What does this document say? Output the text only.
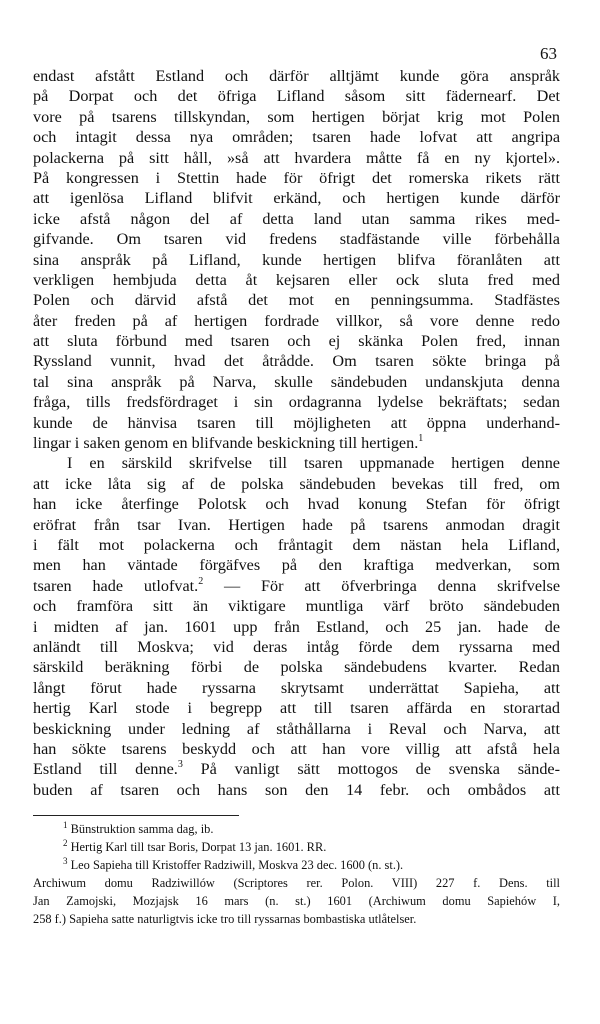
63
endast afstått Estland och därför alltjämt kunde göra anspråk
på Dorpat och det öfriga Lifland såsom sitt fädernearf. Det
vore på tsarens tillskyndan, som hertigen börjat krig mot Polen
och intagit dessa nya områden; tsaren hade lofvat att angripa
polackerna på sitt håll, »så att hvardera måtte få en ny kjortel».
På kongressen i Stettin hade för öfrigt det romerska rikets rätt
att igenlösa Lifland blifvit erkänd, och hertigen kunde därför
icke afstå någon del af detta land utan samma rikes med-
gifvande. Om tsaren vid fredens stadfästande ville förbehålla
sina anspråk på Lifland, kunde hertigen blifva föranlåten att
verkligen hembjuda detta åt kejsaren eller ock sluta fred med
Polen och därvid afstå det mot en penningsumma. Stadfästes
åter freden på af hertigen fordrade villkor, så vore denne redo
att sluta förbund med tsaren och ej skänka Polen fred, innan
Ryssland vunnit, hvad det åtrådde. Om tsaren sökte bringa på
tal sina anspråk på Narva, skulle sändebuden undanskjuta denna
fråga, tills fredsfördraget i sin ordagranna lydelse bekräftats; sedan
kunde de hänvisa tsaren till möjligheten att öppna underhand-
lingar i saken genom en blifvande beskickning till hertigen.$^1$
I en särskild skrifvelse till tsaren uppmanade hertigen denne
att icke låta sig af de polska sändebuden bevekas till fred, om
han icke återfinge Polotsk och hvad konung Stefan för öfrigt
eröfrat från tsar Ivan. Hertigen hade på tsarens anmodan dragit
i fält mot polackerna och fråntagit dem nästan hela Lifland,
men han väntade förgäfves på den kraftiga medverkan, som
tsaren hade utlofvat.$^2$ — För att öfverbringa denna skrifvelse
och framföra sitt än viktigare muntliga värf bröto sändebuden
i midten af jan. 1601 upp från Estland, och 25 jan. hade de
anländt till Moskva; vid deras intåg förde dem ryssarna med
särskild beräkning förbi de polska sändebudens kvarter. Redan
långt förut hade ryssarna skrytsamt underrättat Sapieha, att
hertig Karl stode i begrepp att till tsaren affärda en storartad
beskickning under ledning af ståthållarna i Reval och Narva, att
han sökte tsarens beskydd och att han vore villig att afstå hela
Estland till denne.$^3$ På vanligt sätt mottogos de svenska sände-
buden af tsaren och hans son den 14 febr. och ombådos att
$^1$ Bünstruktion samma dag, ib.
$^2$ Hertig Karl till tsar Boris, Dorpat 13 jan. 1601. RR.
$^3$ Leo Sapieha till Kristoffer Radziwill, Moskva 23 dec. 1600 (n. st.).
Archiwum domu Radziwillów (Scriptores rer. Polon. VIII) 227 f. Dens. till
Jan Zamojski, Mozjajsk 16 mars (n. st.) 1601 (Archiwum domu Sapiehów I,
258 f.) Sapieha satte naturligtvis icke tro till ryssarnas bombastiska utlåtelser.
